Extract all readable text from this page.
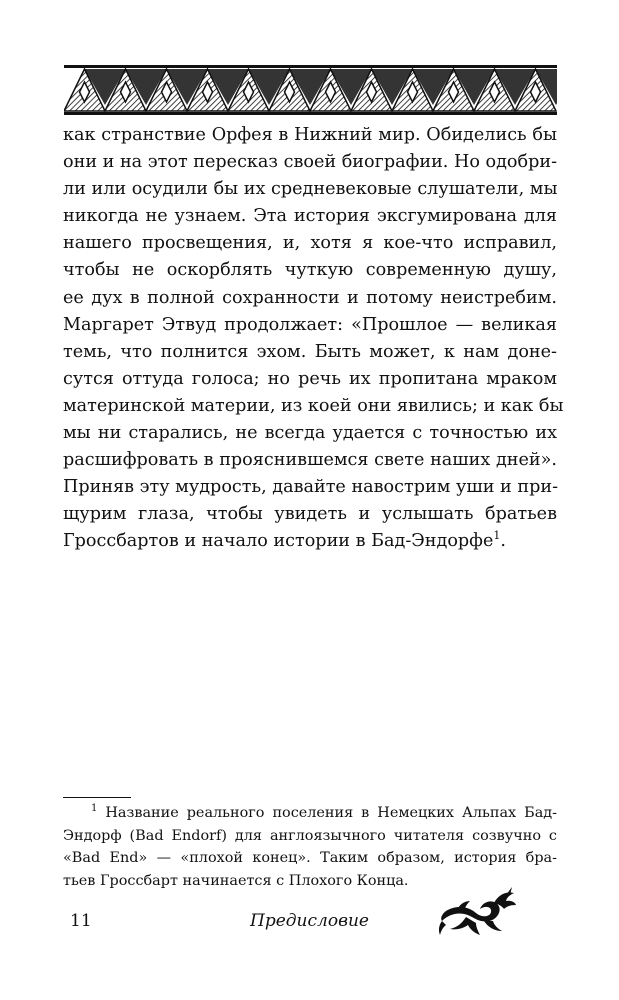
как странствие Орфея в Нижний мир. Обиделись бы
они и на этот пересказ своей биографии. Но одобри-
ли или осудили бы их средневековые слушатели, мы
никогда не узнаем. Эта история эксгумирована для
нашего просвещения, и, хотя я кое-что исправил,
чтобы не оскорблять чуткую современную душу,
ее дух в полной сохранности и потому неистребим.
Маргарет Этвуд продолжает: «Прошлое — великая
темь, что полнится эхом. Быть может, к нам доне-
сутся оттуда голоса; но речь их пропитана мраком
материнской материи, из коей они явились; и как бы
мы ни старались, не всегда удается с точностью их
расшифровать в прояснившемся свете наших дней».
Приняв эту мудрость, давайте навострим уши и при-
щурим глаза, чтобы увидеть и услышать братьев
Гроссбартов и начало истории в Бад-Эндорфе$^1$.
$^1$ Название реального поселения в Немецких Альпах Бад-
Эндорф (Bad Endorf) для англоязычного читателя созвучно с
«Bad End» — «плохой конец». Таким образом, история бра-
тьев Гроссбарт начинается с Плохого Конца.
11	Предисловие
